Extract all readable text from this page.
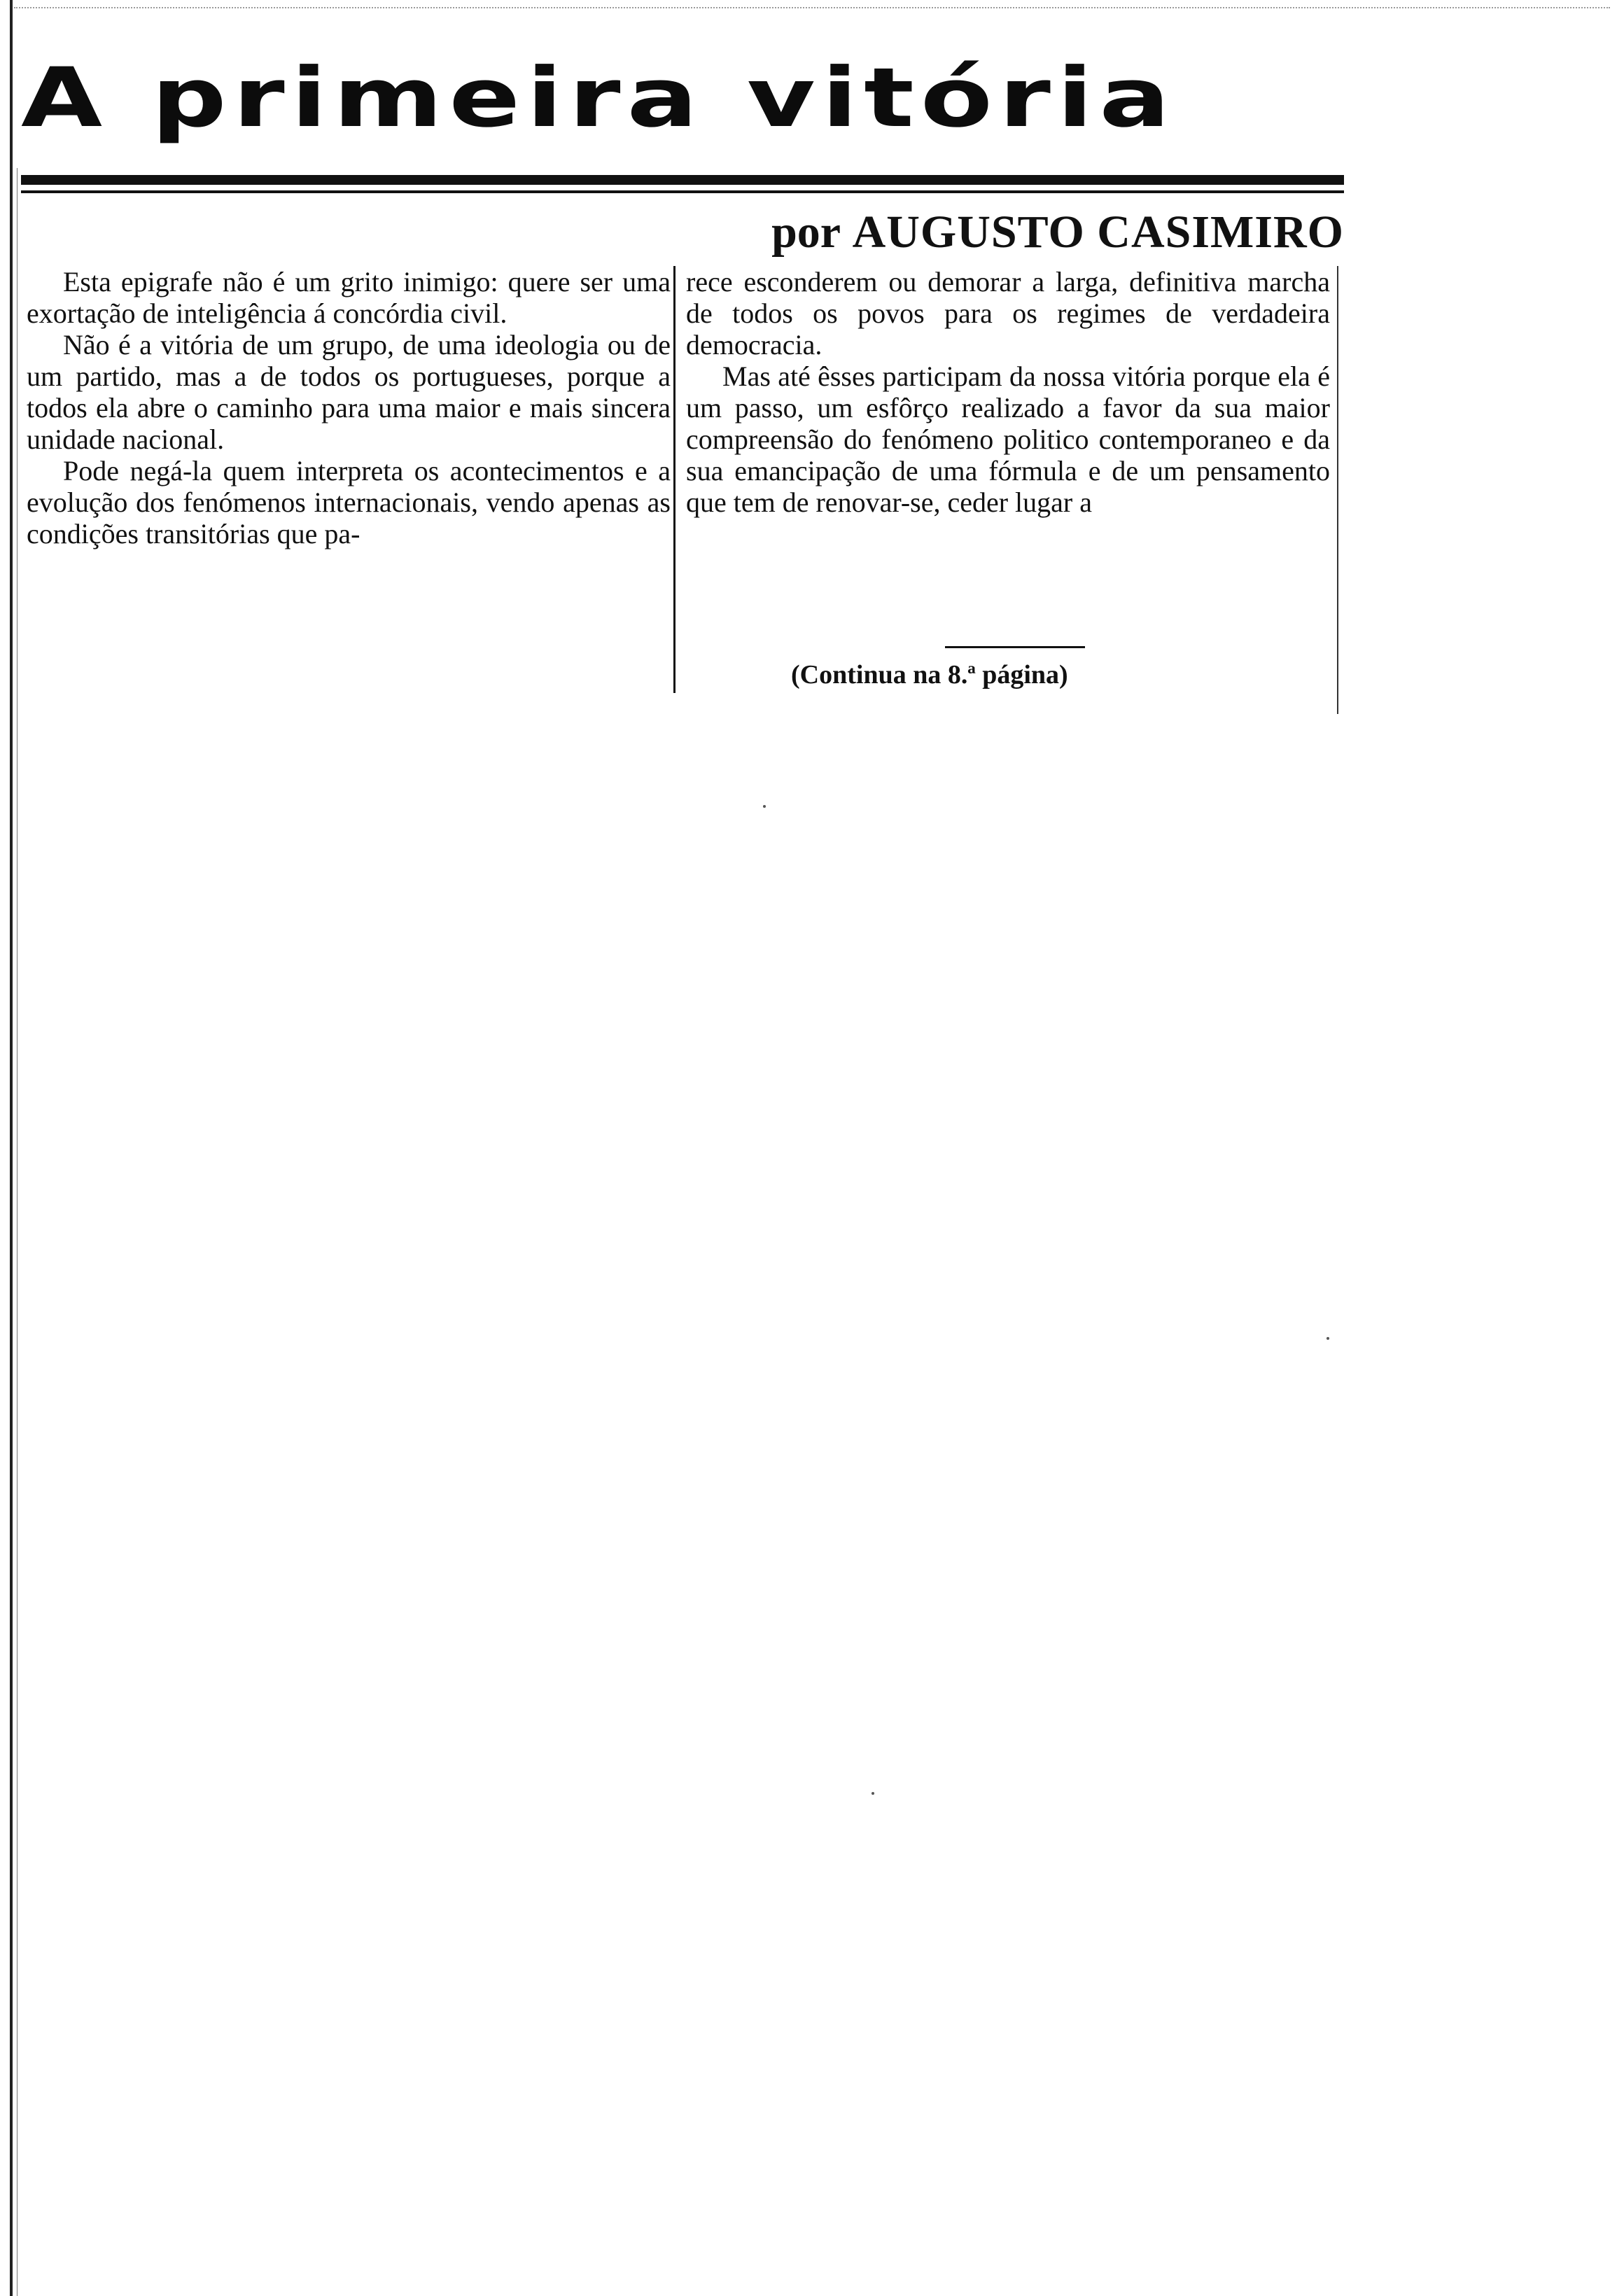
A primeira vitória

por AUGUSTO CASIMIRO

Esta epigrafe não é um grito inimigo: quere ser uma exortação de inteligência á concórdia civil.

Não é a vitória de um grupo, de uma ideologia ou de um partido, mas a de todos os portugueses, porque a todos ela abre o caminho para uma maior e mais sincera unidade nacional.

Pode negá-la quem interpreta os acontecimentos e a evolução dos fenómenos internacionais, vendo apenas as condições transitórias que pa-

rece esconderem ou demorar a larga, definitiva marcha de todos os povos para os regimes de verdadeira democracia.

Mas até êsses participam da nossa vitória porque ela é um passo, um esfôrço realizado a favor da sua maior compreensão do fenómeno politico contemporaneo e da sua emancipação de uma fórmula e de um pensamento que tem de renovar-se, ceder lugar a

(Continua na 8.ª página)
